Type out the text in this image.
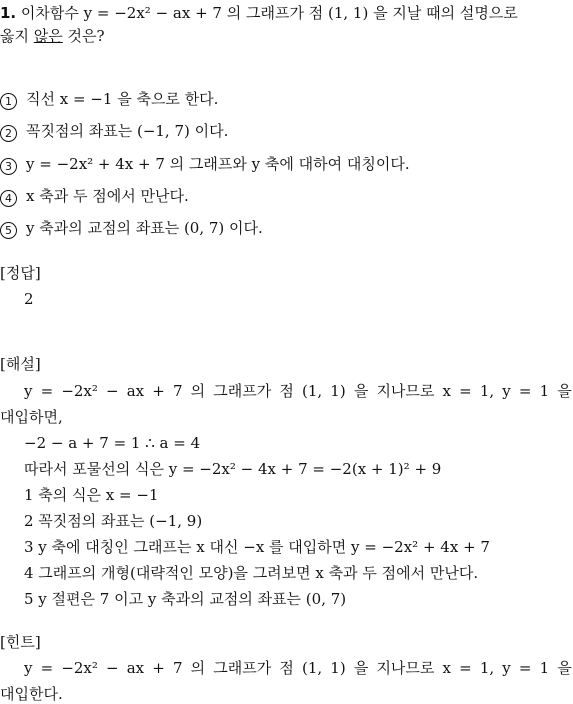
1. 이차함수 y = −2x² − ax + 7 의 그래프가 점 (1, 1) 을 지날 때의 설명으로
옳지 않은 것은?
1 직선 x = −1 을 축으로 한다.
2 꼭짓점의 좌표는 (−1, 7) 이다.
3 y = −2x² + 4x + 7 의 그래프와 y 축에 대하여 대칭이다.
4 x 축과 두 점에서 만난다.
5 y 축과의 교점의 좌표는 (0, 7) 이다.
[정답]
2
[해설]
y = −2x² − ax + 7 의 그래프가 점 (1, 1) 을 지나므로 x = 1, y = 1 을
대입하면,
−2 − a + 7 = 1 ∴ a = 4
따라서 포물선의 식은 y = −2x² − 4x + 7 = −2(x + 1)² + 9
1 축의 식은 x = −1
2 꼭짓점의 좌표는 (−1, 9)
3 y 축에 대칭인 그래프는 x 대신 −x 를 대입하면 y = −2x² + 4x + 7
4 그래프의 개형(대략적인 모양)을 그려보면 x 축과 두 점에서 만난다.
5 y 절편은 7 이고 y 축과의 교점의 좌표는 (0, 7)
[힌트]
y = −2x² − ax + 7 의 그래프가 점 (1, 1) 을 지나므로 x = 1, y = 1 을
대입한다.
